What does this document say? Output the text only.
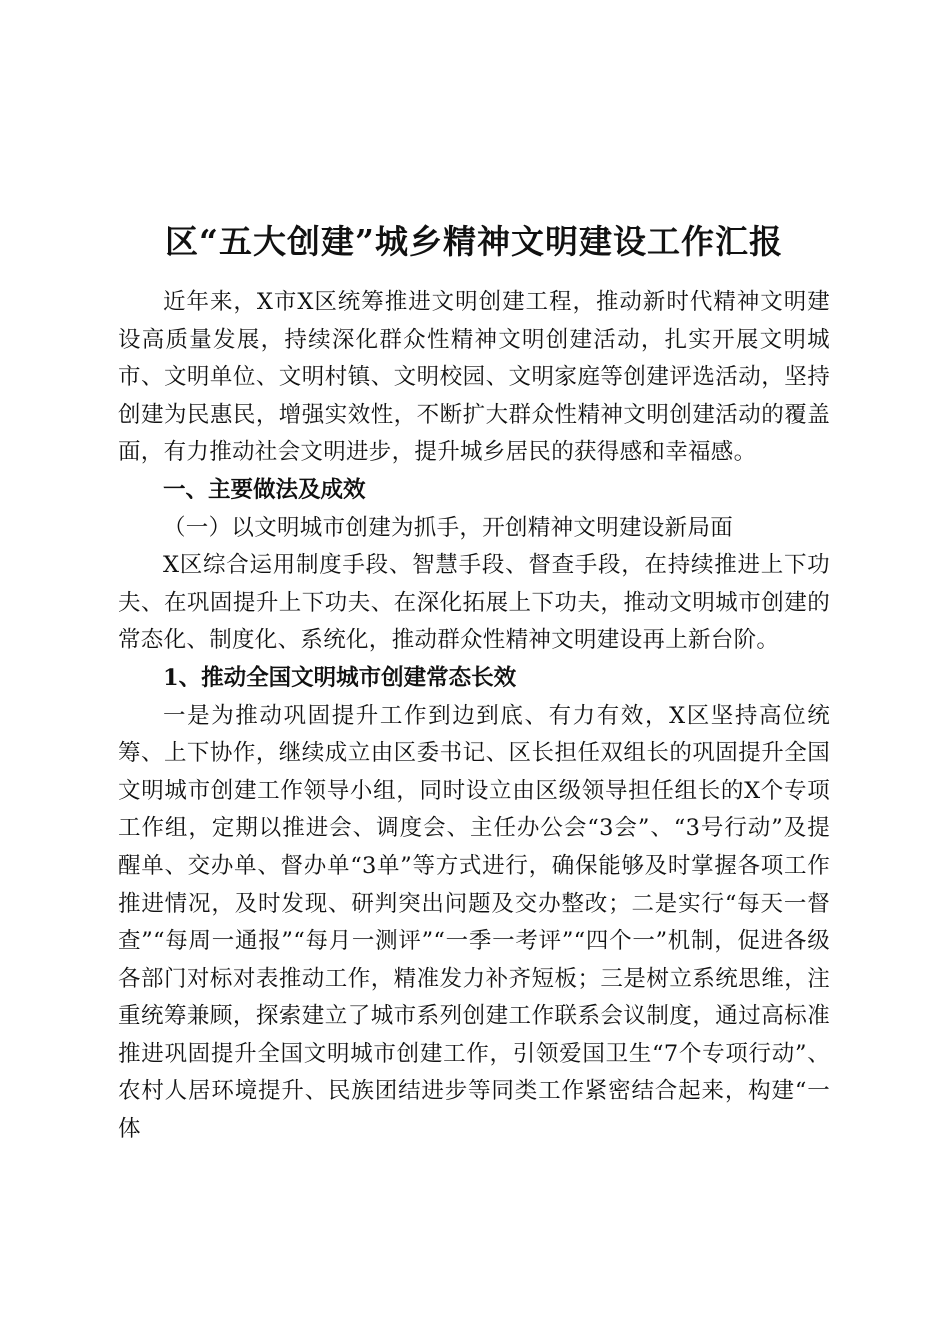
区“五大创建”城乡精神文明建设工作汇报

近年来，X市X区统筹推进文明创建工程，推动新时代精神文明建设高质量发展，持续深化群众性精神文明创建活动，扎实开展文明城市、文明单位、文明村镇、文明校园、文明家庭等创建评选活动，坚持创建为民惠民，增强实效性，不断扩大群众性精神文明创建活动的覆盖面，有力推动社会文明进步，提升城乡居民的获得感和幸福感。

一、主要做法及成效

（一）以文明城市创建为抓手，开创精神文明建设新局面

X区综合运用制度手段、智慧手段、督查手段，在持续推进上下功夫、在巩固提升上下功夫、在深化拓展上下功夫，推动文明城市创建的常态化、制度化、系统化，推动群众性精神文明建设再上新台阶。

1、推动全国文明城市创建常态长效

一是为推动巩固提升工作到边到底、有力有效，X区坚持高位统筹、上下协作，继续成立由区委书记、区长担任双组长的巩固提升全国文明城市创建工作领导小组，同时设立由区级领导担任组长的X个专项工作组，定期以推进会、调度会、主任办公会“3会”、“3号行动”及提醒单、交办单、督办单“3单”等方式进行，确保能够及时掌握各项工作推进情况，及时发现、研判突出问题及交办整改；二是实行“每天一督查”“每周一通报”“每月一测评”“一季一考评”“四个一”机制，促进各级各部门对标对表推动工作，精准发力补齐短板；三是树立系统思维，注重统筹兼顾，探索建立了城市系列创建工作联系会议制度，通过高标准推进巩固提升全国文明城市创建工作，引领爱国卫生“7个专项行动”、农村人居环境提升、民族团结进步等同类工作紧密结合起来，构建“一体
